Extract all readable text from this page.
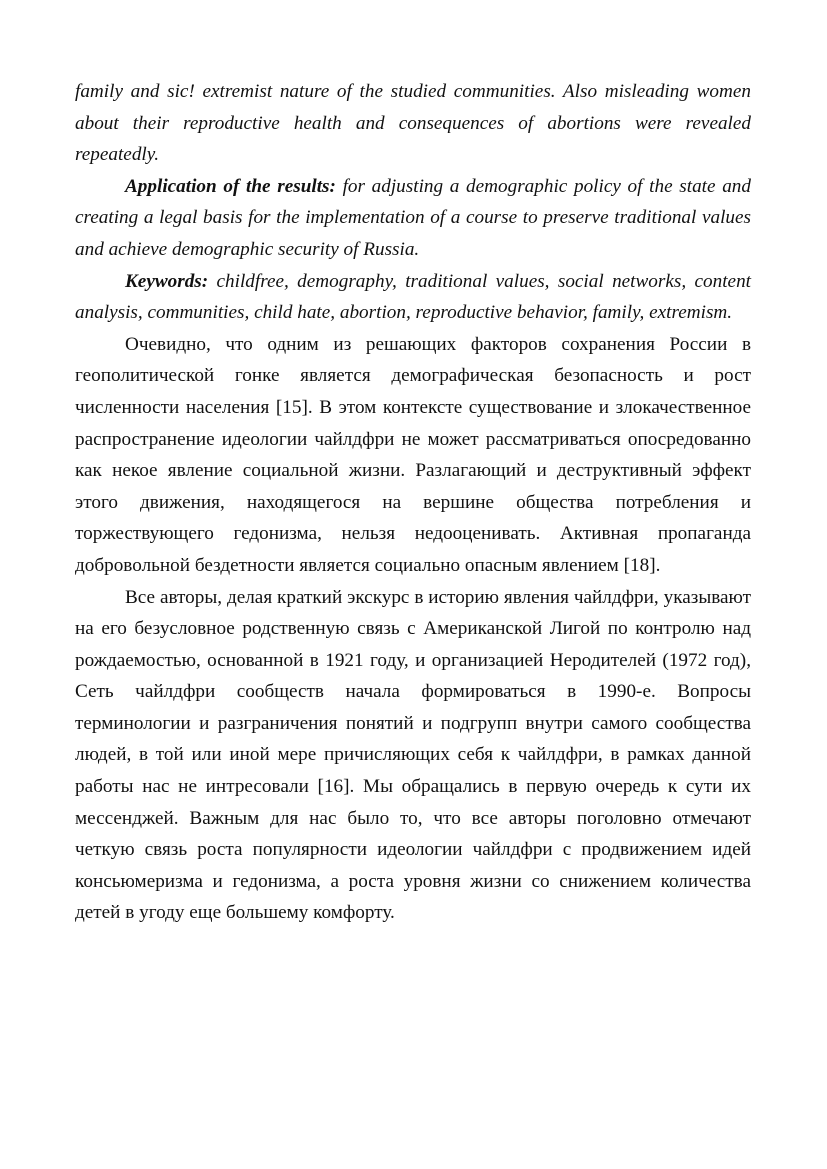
family and sic! extremist nature of the studied communities. Also misleading women about their reproductive health and consequences of abortions were revealed repeatedly.

Application of the results: for adjusting a demographic policy of the state and creating a legal basis for the implementation of a course to preserve traditional values and achieve demographic security of Russia.

Keywords: childfree, demography, traditional values, social networks, content analysis, communities, child hate, abortion, reproductive behavior, family, extremism.

Очевидно, что одним из решающих факторов сохранения России в геополитической гонке является демографическая безопасность и рост численности населения [15]. В этом контексте существование и злокачественное распространение идеологии чайлдфри не может рассматриваться опосредованно как некое явление социальной жизни. Разлагающий и деструктивный эффект этого движения, находящегося на вершине общества потребления и торжествующего гедонизма, нельзя недооценивать. Активная пропаганда добровольной бездетности является социально опасным явлением [18].

Все авторы, делая краткий экскурс в историю явления чайлдфри, указывают на его безусловное родственную связь с Американской Лигой по контролю над рождаемостью, основанной в 1921 году, и организацией Неродителей (1972 год), Сеть чайлдфри сообществ начала формироваться в 1990-е. Вопросы терминологии и разграничения понятий и подгрупп внутри самого сообщества людей, в той или иной мере причисляющих себя к чайлдфри, в рамках данной работы нас не интресовали [16]. Мы обращались в первую очередь к сути их мессенджей. Важным для нас было то, что все авторы поголовно отмечают четкую связь роста популярности идеологии чайлдфри с продвижением идей консьюмеризма и гедонизма, а роста уровня жизни со снижением количества детей в угоду еще большему комфорту.
